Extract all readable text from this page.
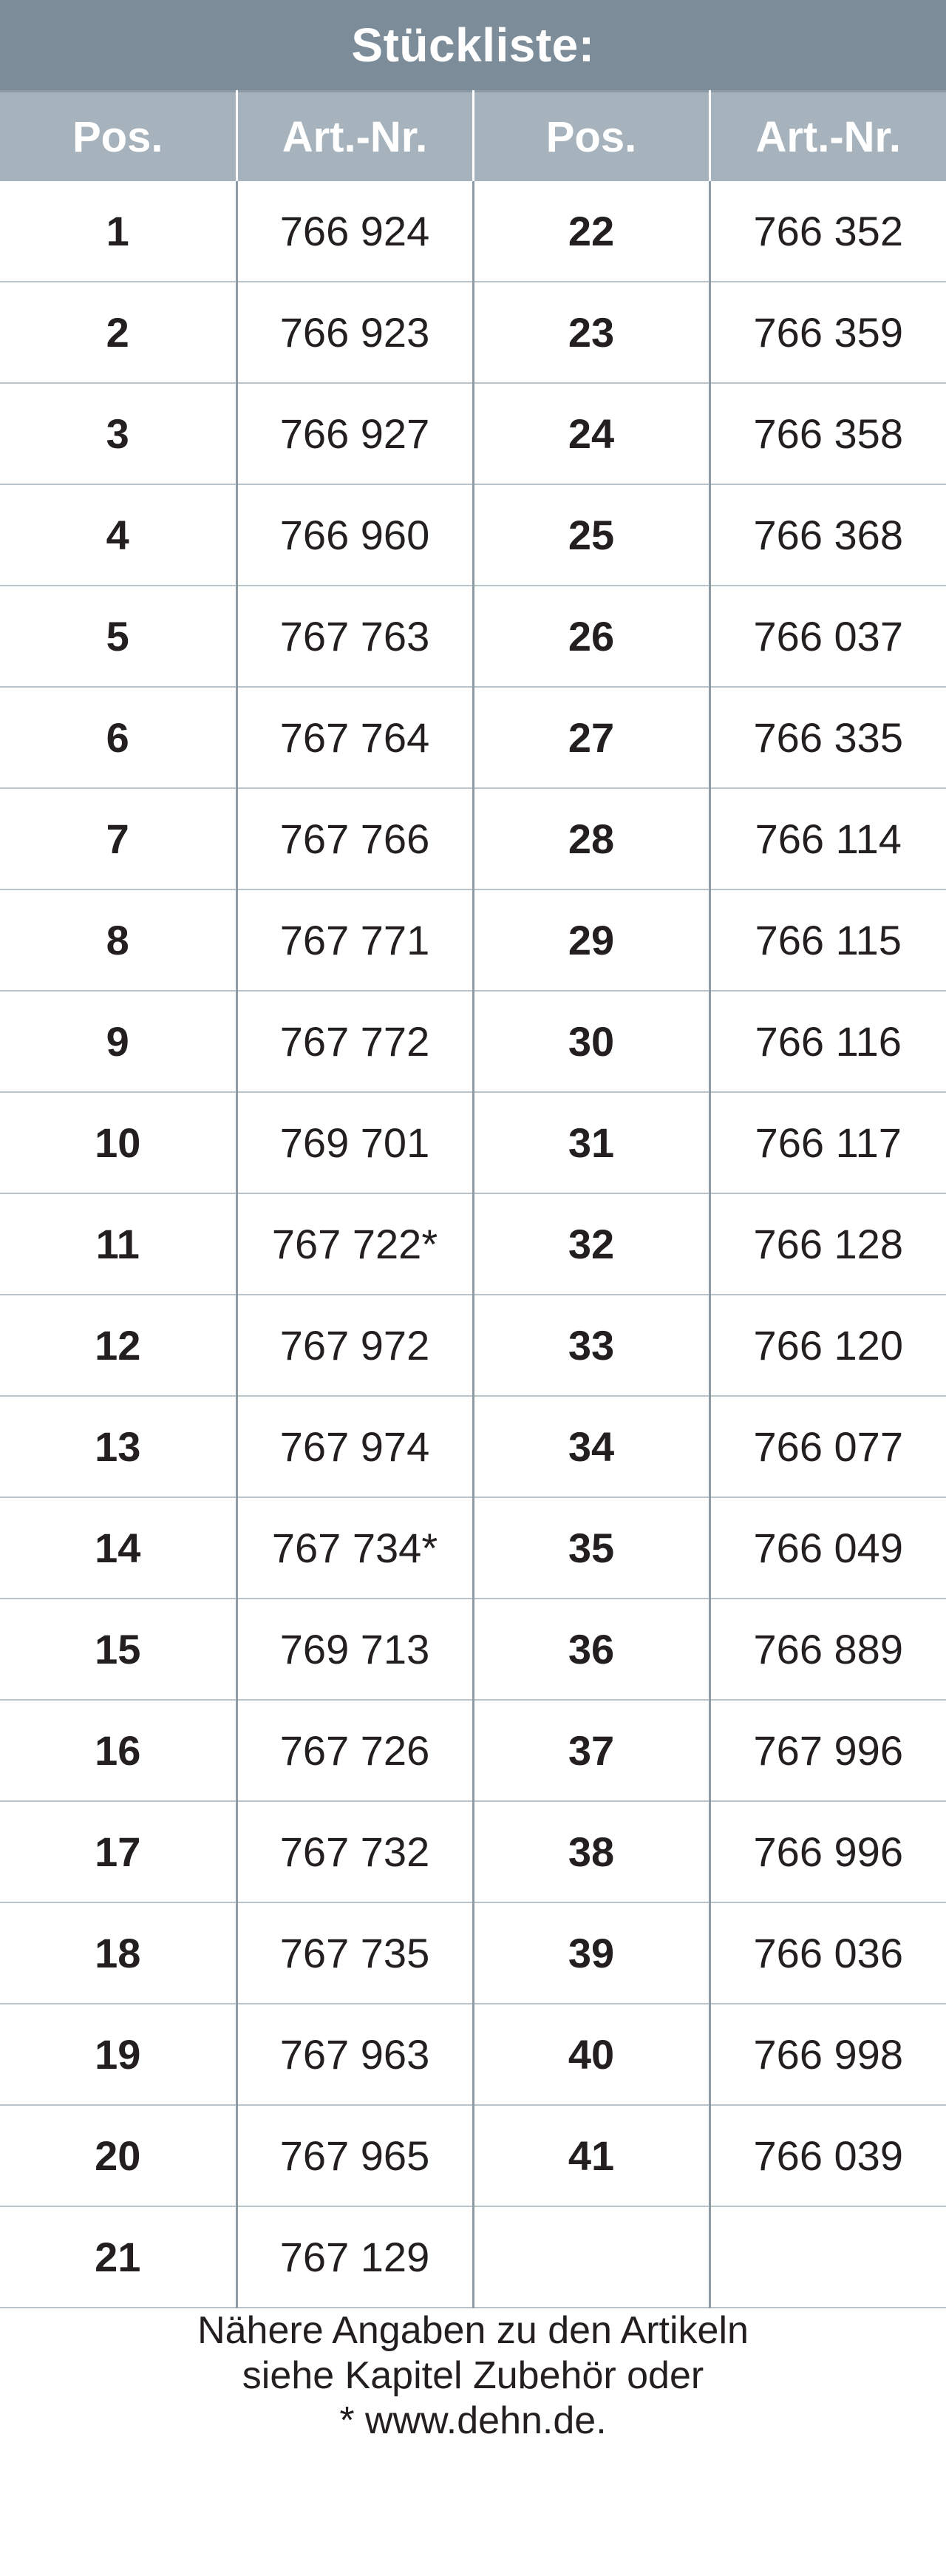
Stückliste:			
Pos.	Art.-Nr.	Pos.	Art.-Nr.
1	766 924	22	766 352
2	766 923	23	766 359
3	766 927	24	766 358
4	766 960	25	766 368
5	767 763	26	766 037
6	767 764	27	766 335
7	767 766	28	766 114
8	767 771	29	766 115
9	767 772	30	766 116
10	769 701	31	766 117
11	767 722*	32	766 128
12	767 972	33	766 120
13	767 974	34	766 077
14	767 734*	35	766 049
15	769 713	36	766 889
16	767 726	37	767 996
17	767 732	38	766 996
18	767 735	39	766 036
19	767 963	40	766 998
20	767 965	41	766 039
21	767 129		

Nähere Angaben zu den Artikeln
siehe Kapitel Zubehör oder
* www.dehn.de.			
